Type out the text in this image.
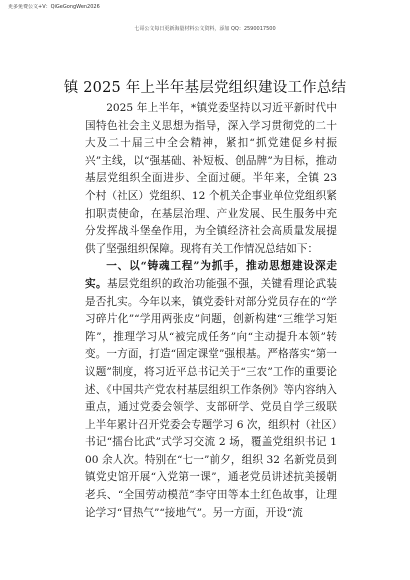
更多免费公文+V：QiGeGongWen2026
七哥公文每日更新海量材料公文资料，添加 QQ：2590017500
镇 2025 年上半年基层党组织建设工作总结

2025 年上半年，*镇党委坚持以习近平新时代中国特色社会主义思想为指导，深入学习贯彻党的二十大及二十届三中全会精神，紧扣“抓党建促乡村振兴”主线，以“强基础、补短板、创品牌”为目标，推动基层党组织全面进步、全面过硬。半年来，全镇 23 个村（社区）党组织、12 个机关企事业单位党组织紧扣职责使命，在基层治理、产业发展、民生服务中充分发挥战斗堡垒作用，为全镇经济社会高质量发展提供了坚强组织保障。现将有关工作情况总结如下：

一、以“铸魂工程”为抓手，推动思想建设深走实。基层党组织的政治功能强不强，关键看理论武装是否扎实。今年以来，镇党委针对部分党员存在的“学习碎片化”“学用两张皮”问题，创新构建“三维学习矩阵”，推理学习从“被完成任务”向“主动提升本领”转变。一方面，打造“固定课堂”强根基。严格落实“第一议题”制度，将习近平总书记关于“三农”工作的重要论述、《中国共产党农村基层组织工作条例》等内容纳入重点，通过党委会领学、支部研学、党员自学三级联上半年累计召开党委会专题学习 6 次，组织村（社区）书记“擂台比武”式学习交流 2 场，覆盖党组织书记 100 余人次。特别在“七一”前夕，组织 32 名新党员到镇党史馆开展“入党第一课”，通老党员讲述抗美援朝老兵、“全国劳动模范”李守田等本土红色故事，让理论学习“冒热气”“接地气”。另一方面，开设“流
